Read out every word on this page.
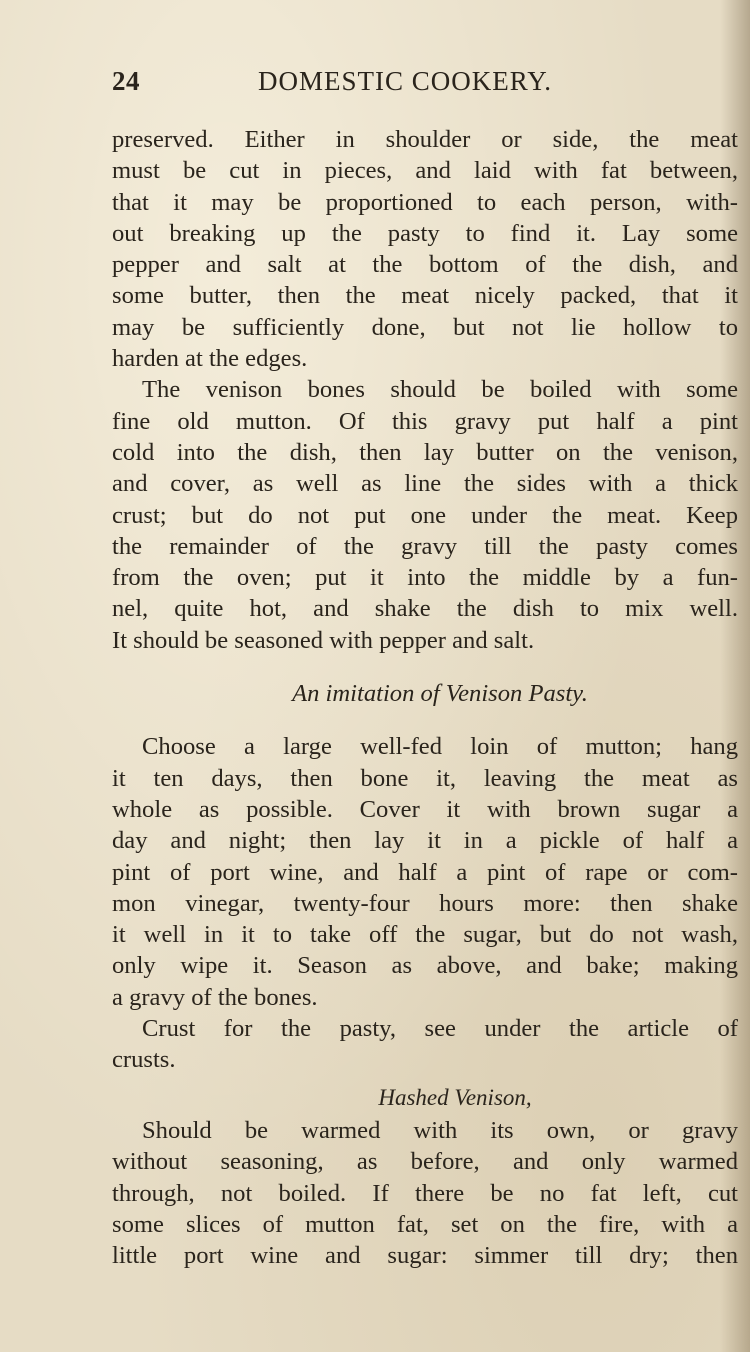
24	DOMESTIC COOKERY.
preserved. Either in shoulder or side, the meat
must be cut in pieces, and laid with fat between,
that it may be proportioned to each person, with-
out breaking up the pasty to find it. Lay some
pepper and salt at the bottom of the dish, and
some butter, then the meat nicely packed, that it
may be sufficiently done, but not lie hollow to
harden at the edges.
The venison bones should be boiled with some
fine old mutton. Of this gravy put half a pint
cold into the dish, then lay butter on the venison,
and cover, as well as line the sides with a thick
crust; but do not put one under the meat. Keep
the remainder of the gravy till the pasty comes
from the oven; put it into the middle by a fun-
nel, quite hot, and shake the dish to mix well.
It should be seasoned with pepper and salt.
An imitation of Venison Pasty.
Choose a large well-fed loin of mutton; hang
it ten days, then bone it, leaving the meat as
whole as possible. Cover it with brown sugar a
day and night; then lay it in a pickle of half a
pint of port wine, and half a pint of rape or com-
mon vinegar, twenty-four hours more: then shake
it well in it to take off the sugar, but do not wash,
only wipe it. Season as above, and bake; making
a gravy of the bones.
Crust for the pasty, see under the article of
crusts.
Hashed Venison,
Should be warmed with its own, or gravy
without seasoning, as before, and only warmed
through, not boiled. If there be no fat left, cut
some slices of mutton fat, set on the fire, with a
little port wine and sugar: simmer till dry; then
